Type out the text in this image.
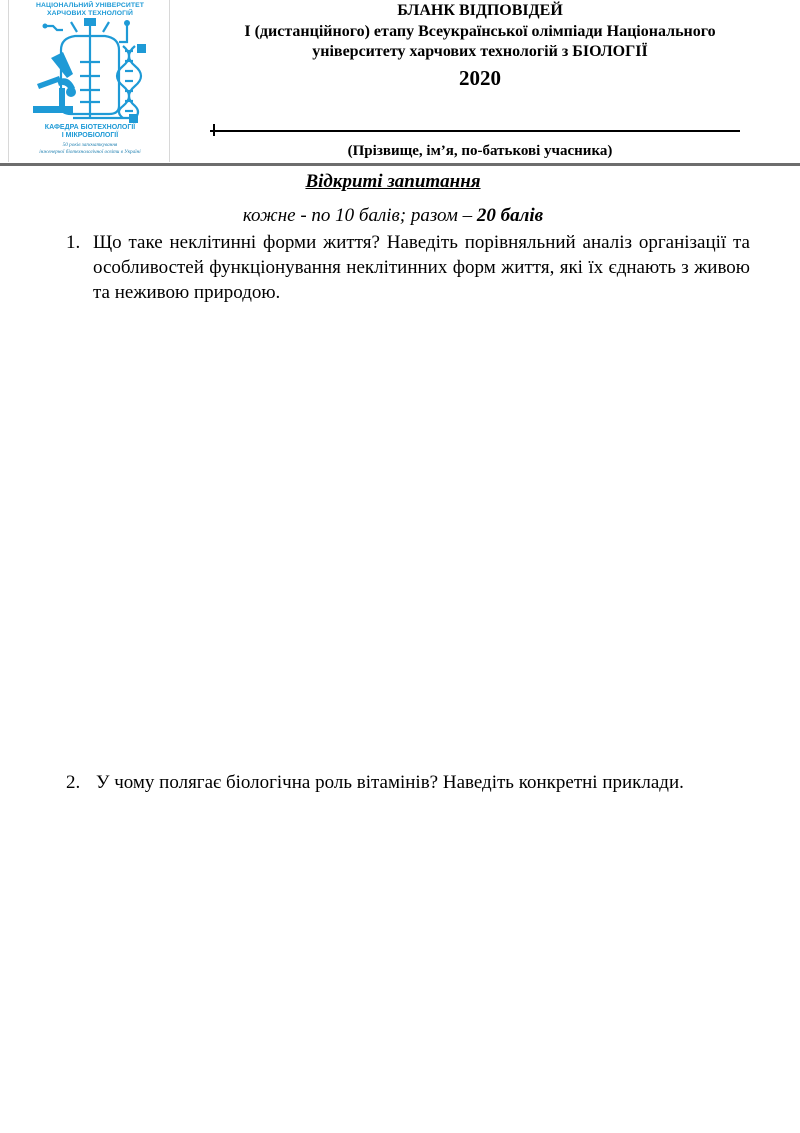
НАЦІОНАЛЬНИЙ УНІВЕРСИТЕТ
ХАРЧОВИХ ТЕХНОЛОГІЙ
КАФЕДРА БІОТЕХНОЛОГІЇ
І МІКРОБІОЛОГІЇ
50 років започаткування
інженерної біотехнологічної освіти в Україні
БЛАНК ВІДПОВІДЕЙ
І (дистанційного) етапу Всеукраїнської олімпіади Національного
університету харчових технологій з БІОЛОГІЇ
2020
(Прізвище, ім’я, по-батькові учасника)
Відкриті запитання
кожне - по 10 балів; разом – 20 балів
1. Що таке неклітинні форми життя? Наведіть порівняльний аналіз організації та особливостей функціонування неклітинних форм життя, які їх єднають з живою та неживою природою.
2. У чому полягає біологічна роль вітамінів? Наведіть конкретні приклади.
